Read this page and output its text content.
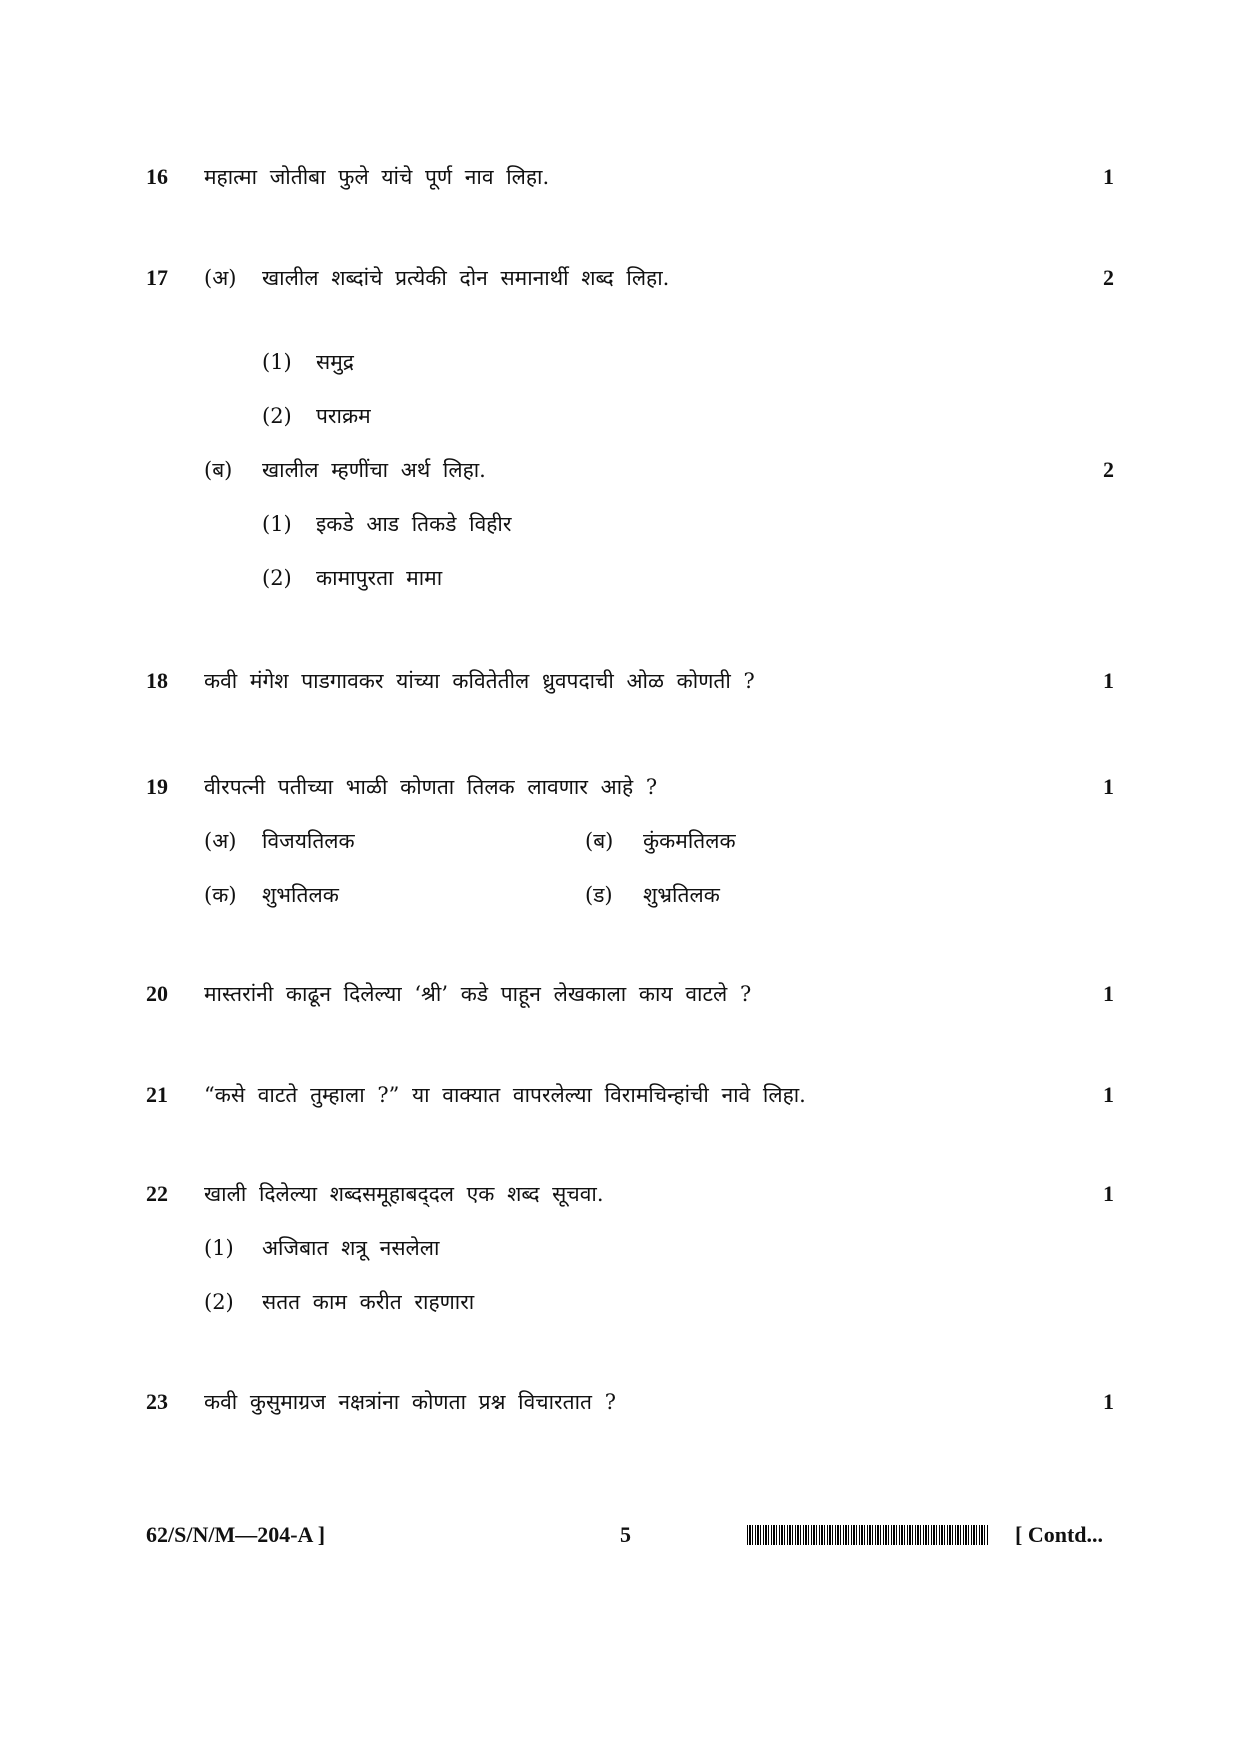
16 महात्मा जोतीबा फुले यांचे पूर्ण नाव लिहा.	1
17 (अ) खालील शब्दांचे प्रत्येकी दोन समानार्थी शब्द लिहा.	2
(1) समुद्र
(2) पराक्रम
(ब) खालील म्हणींचा अर्थ लिहा.	2
(1) इकडे आड तिकडे विहीर
(2) कामापुरता मामा
18 कवी मंगेश पाडगावकर यांच्या कवितेतील ध्रुवपदाची ओळ कोणती ?	1
19 वीरपत्नी पतीच्या भाळी कोणता तिलक लावणार आहे ?	1
(अ) विजयतिलक	(ब) कुंकमतिलक
(क) शुभतिलक	(ड) शुभ्रतिलक
20 मास्तरांनी काढून दिलेल्या ‘श्री’ कडे पाहून लेखकाला काय वाटले ?	1
21 “कसे वाटते तुम्हाला ?” या वाक्यात वापरलेल्या विरामचिन्हांची नावे लिहा.	1
22 खाली दिलेल्या शब्दसमूहाबद्‌दल एक शब्द सूचवा.	1
(1) अजिबात शत्रू नसलेला
(2) सतत काम करीत राहणारा
23 कवी कुसुमाग्रज नक्षत्रांना कोणता प्रश्न विचारतात ?	1
62/S/N/M—204-A ]	5	[ Contd...
